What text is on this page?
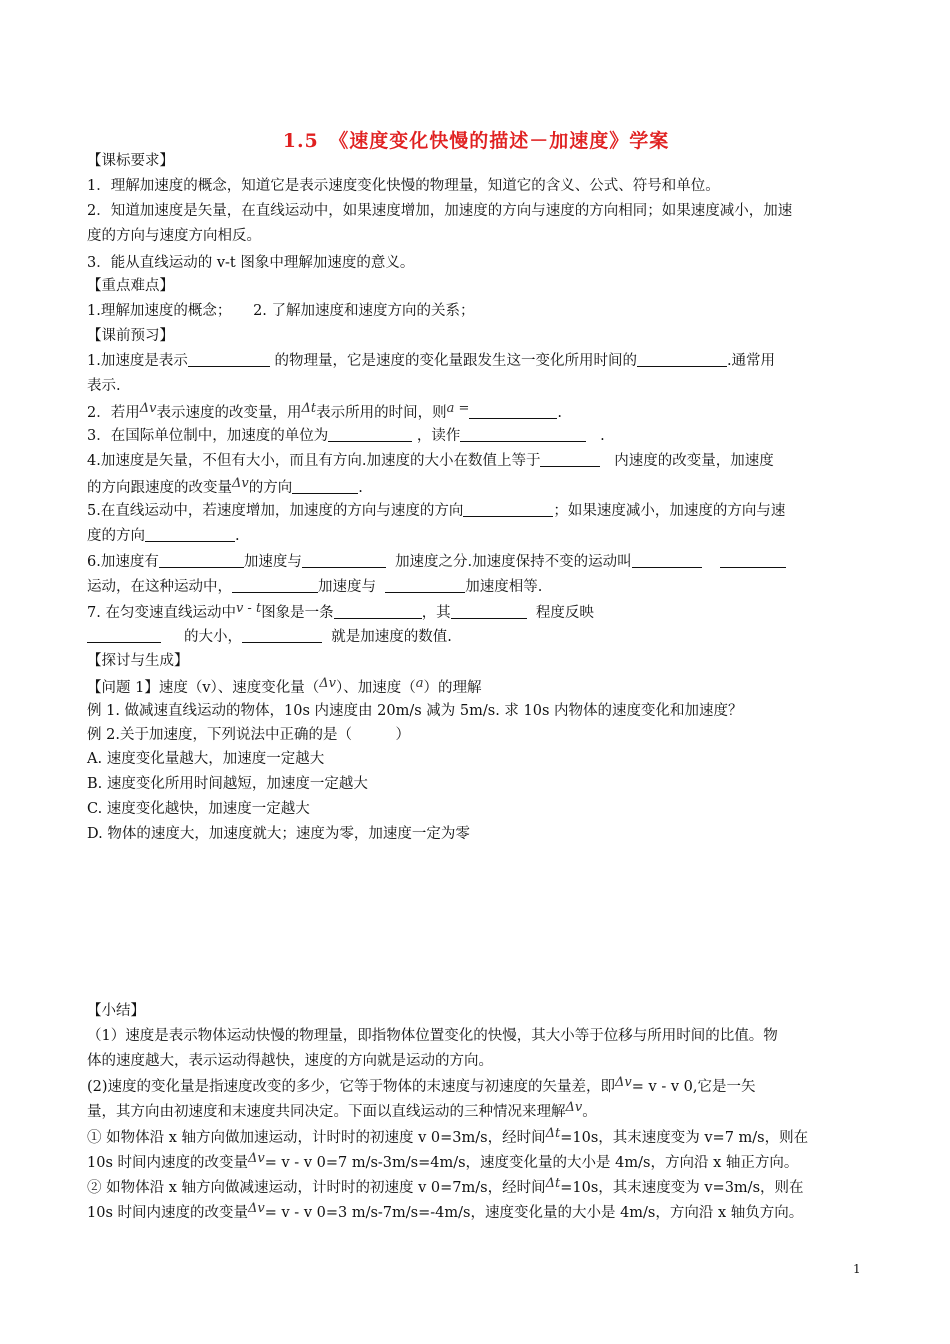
1.5　《速度变化快慢的描述－加速度》学案
【课标要求】
1．理解加速度的概念，知道它是表示速度变化快慢的物理量，知道它的含义、公式、符号和单位。
2．知道加速度是矢量，在直线运动中，如果速度增加，加速度的方向与速度的方向相同；如果速度减小，加速
度的方向与速度方向相反。
3．能从直线运动的 v-t 图象中理解加速度的意义。
【重点难点】
1.理解加速度的概念；　　2. 了解加速度和速度方向的关系；
【课前预习】
1.加速度是表示	的物理量，它是速度的变化量跟发生这一变化所用时间的	.通常用
表示.
2．若用Δv表示速度的改变量，用Δt表示所用的时间，则a =	.
3．在国际单位制中，加速度的单位为	，读作	.
4.加速度是矢量，不但有大小，而且有方向.加速度的大小在数值上等于	内速度的改变量，加速度
的方向跟速度的改变量Δv的方向	.
5.在直线运动中，若速度增加，加速度的方向与速度的方向	；如果速度减小，加速度的方向与速
度的方向	.
6.加速度有	加速度与	加速度之分.加速度保持不变的运动叫
运动，在这种运动中，	加速度与	加速度相等.
7. 在匀变速直线运动中v - t图象是一条	，其	程度反映
的大小，	就是加速度的数值.
【探讨与生成】
【问题 1】速度（v）、速度变化量（Δv）、加速度（a）的理解
例 1. 做减速直线运动的物体，10s 内速度由 20m/s 减为 5m/s. 求 10s 内物体的速度变化和加速度？
例 2.关于加速度，下列说法中正确的是（　　　）
A. 速度变化量越大，加速度一定越大
B. 速度变化所用时间越短，加速度一定越大
C. 速度变化越快，加速度一定越大
D. 物体的速度大，加速度就大；速度为零，加速度一定为零
【小结】
（1）速度是表示物体运动快慢的物理量，即指物体位置变化的快慢，其大小等于位移与所用时间的比值。物
体的速度越大，表示运动得越快，速度的方向就是运动的方向。
(2)速度的变化量是指速度改变的多少，它等于物体的末速度与初速度的矢量差，即Δv= v - v 0,它是一矢
量，其方向由初速度和末速度共同决定。下面以直线运动的三种情况来理解Δv。
① 如物体沿 x 轴方向做加速运动，计时时的初速度 v 0=3m/s，经时间Δt=10s，其末速度变为 v=7 m/s，则在
10s 时间内速度的改变量Δv= v - v 0=7 m/s-3m/s=4m/s，速度变化量的大小是 4m/s，方向沿 x 轴正方向。
② 如物体沿 x 轴方向做减速运动，计时时的初速度 v 0=7m/s，经时间Δt=10s，其末速度变为 v=3m/s，则在
10s 时间内速度的改变量Δv= v - v 0=3 m/s-7m/s=-4m/s，速度变化量的大小是 4m/s，方向沿 x 轴负方向。
1
